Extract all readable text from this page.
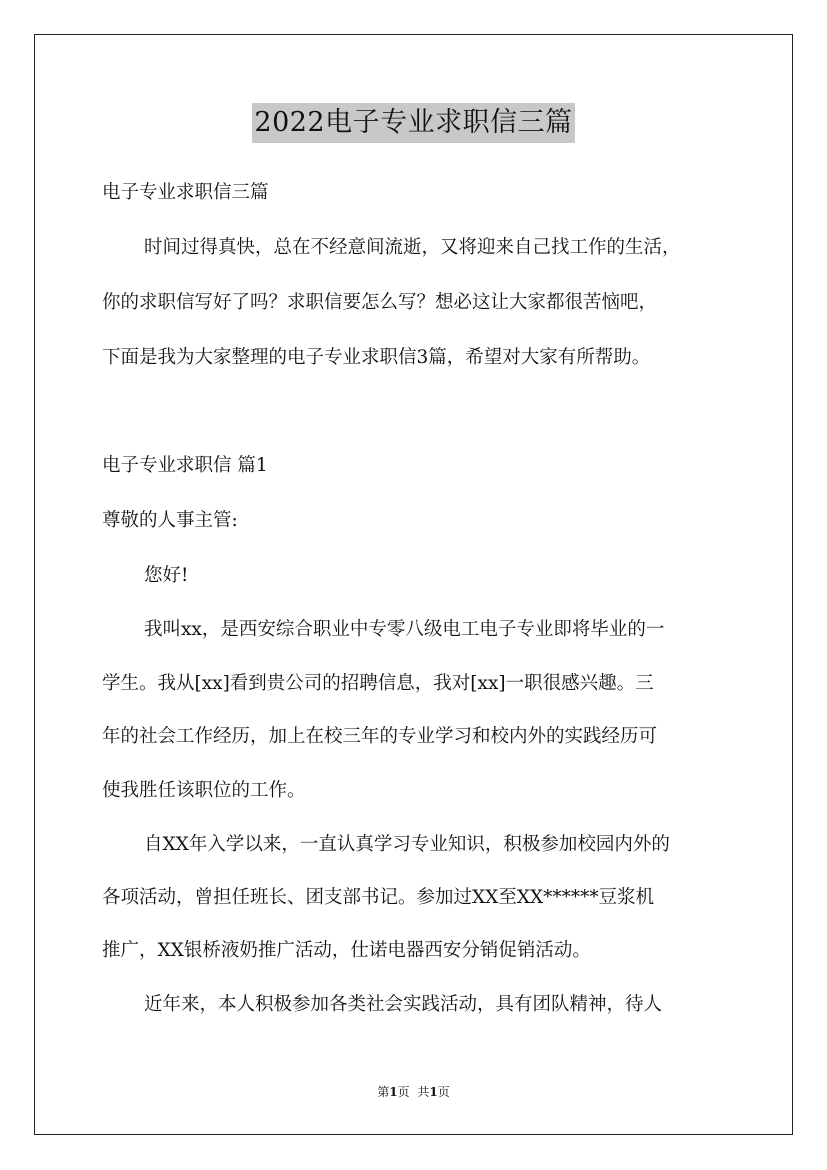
2022电子专业求职信三篇
电子专业求职信三篇
时间过得真快，总在不经意间流逝，又将迎来自己找工作的生活，
你的求职信写好了吗？求职信要怎么写？想必这让大家都很苦恼吧，
下面是我为大家整理的电子专业求职信3篇，希望对大家有所帮助。
电子专业求职信 篇1
尊敬的人事主管:
您好!
我叫xx，是西安综合职业中专零八级电工电子专业即将毕业的一
学生。我从[xx]看到贵公司的招聘信息，我对[xx]一职很感兴趣。三
年的社会工作经历，加上在校三年的专业学习和校内外的实践经历可
使我胜任该职位的工作。
自XX年入学以来，一直认真学习专业知识，积极参加校园内外的
各项活动，曾担任班长、团支部书记。参加过XX至XX******豆浆机
推广，XX银桥液奶推广活动，仕诺电器西安分销促销活动。
近年来，本人积极参加各类社会实践活动，具有团队精神，待人
第1页 共1页
